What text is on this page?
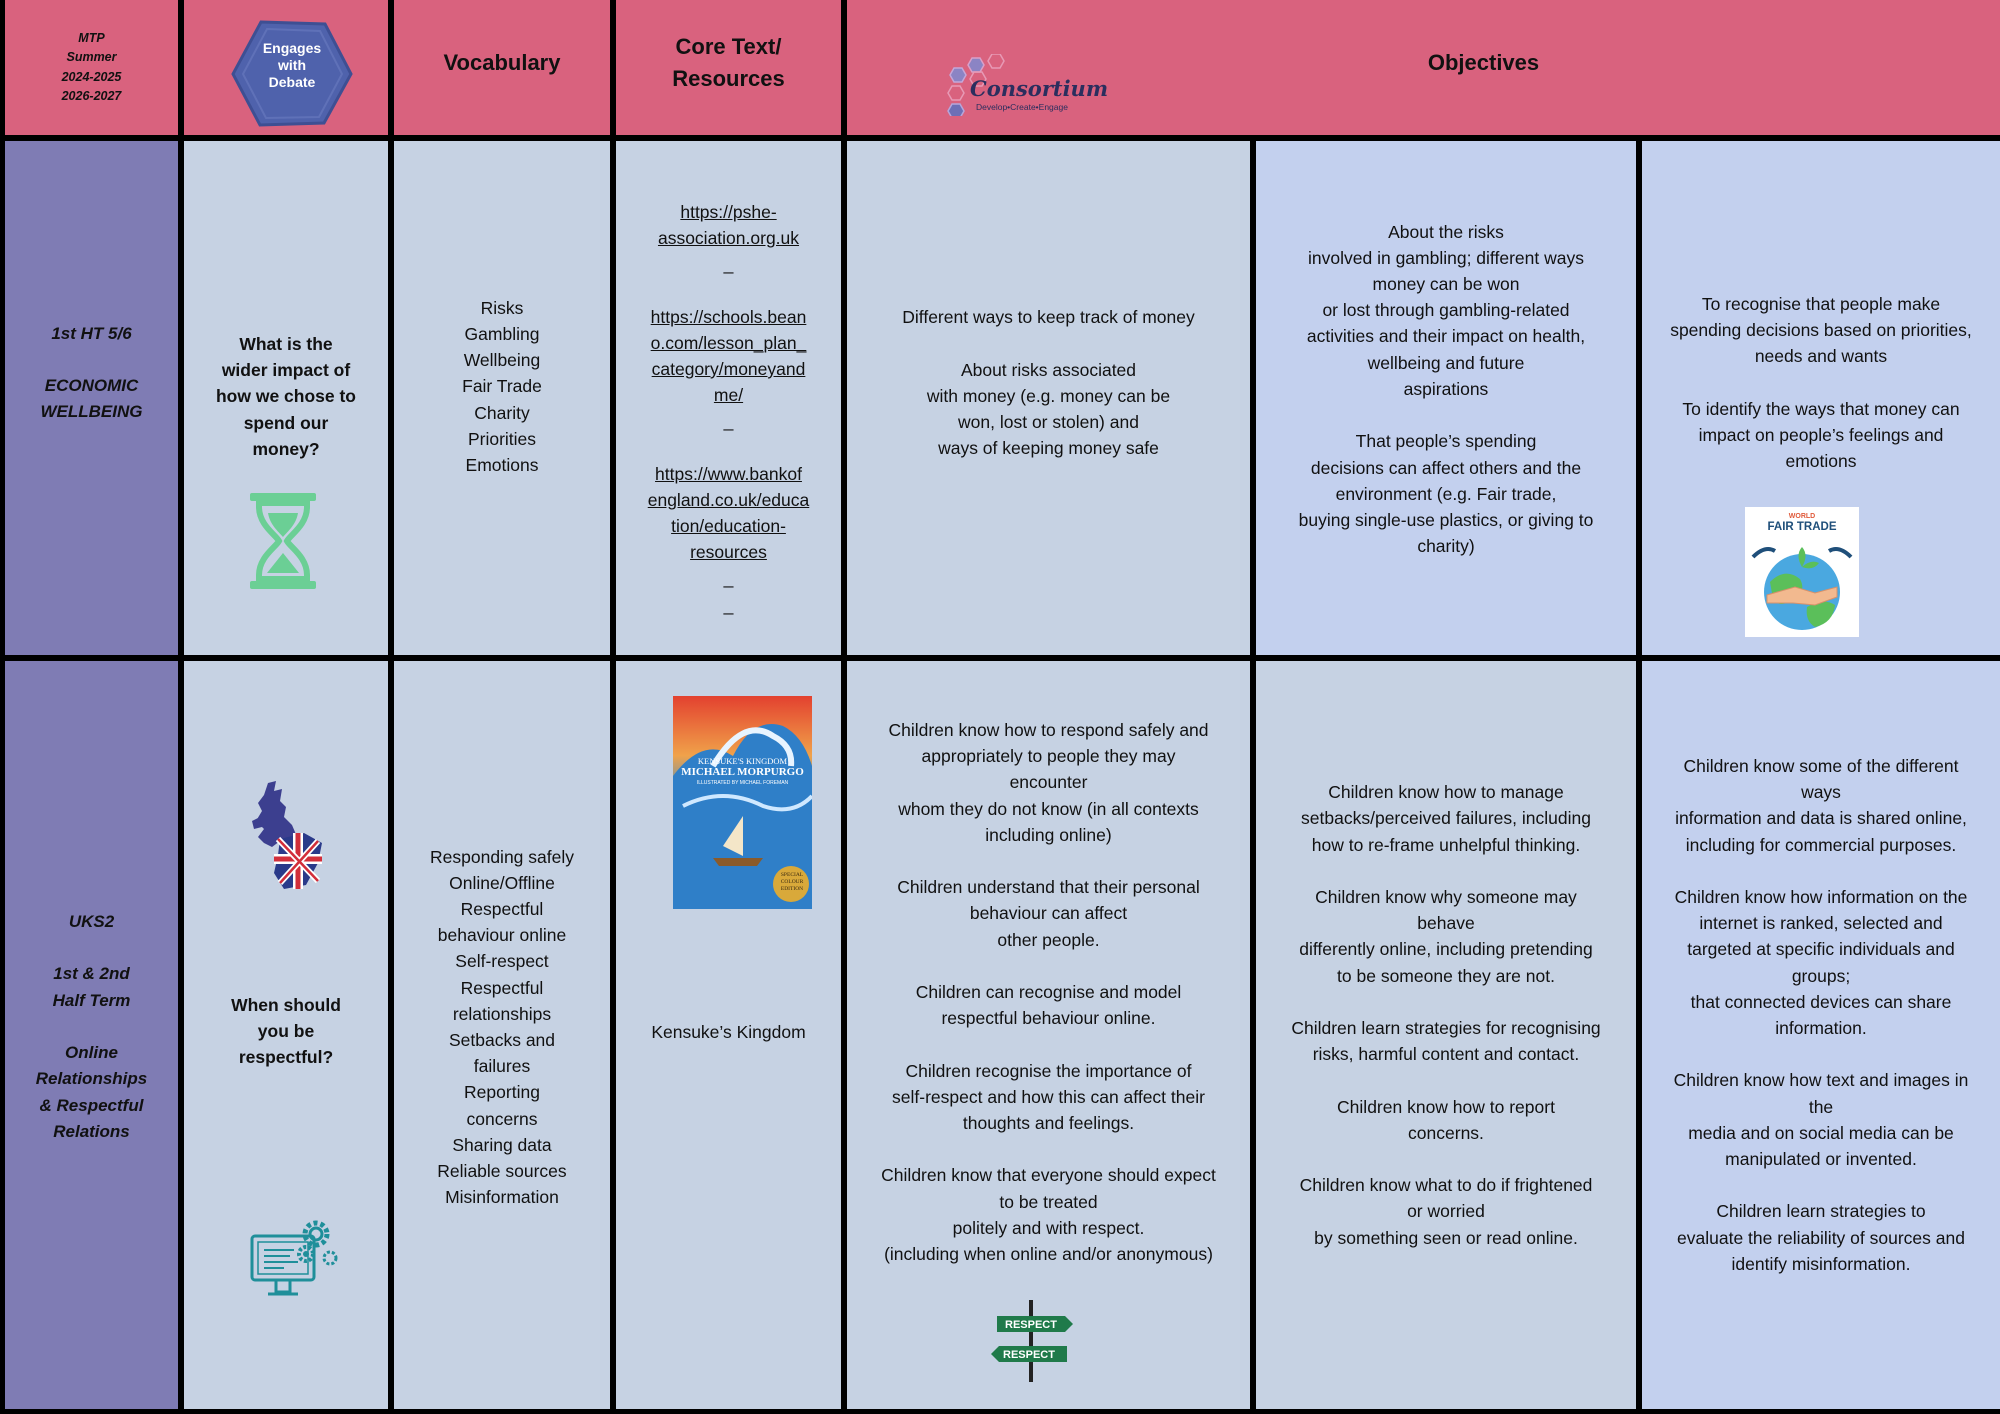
MTP
Summer
2024-2025
2026-2027
Engages
with
Debate
Vocabulary
Core Text/
Resources
Objectives
Consortium
Develop•Create•Engage
1st HT 5/6

ECONOMIC
WELLBEING
What is the
wider impact of
how we chose to
spend our
money?
Risks
Gambling
Wellbeing
Fair Trade
Charity
Priorities
Emotions
https://pshe-
association.org.uk
_
https://schools.bean
o.com/lesson_plan_
category/moneyand
me/
_
https://www.bankof
england.co.uk/educa
tion/education-
resources
_
_
Different ways to keep track of money

About risks associated
with money (e.g. money can be
won, lost or stolen) and
ways of keeping money safe
About the risks
involved in gambling; different ways
money can be won
or lost through gambling-related
activities and their impact on health,
wellbeing and future
aspirations

That people’s spending
decisions can affect others and the
environment (e.g. Fair trade,
buying single-use plastics, or giving to
charity)
To recognise that people make
spending decisions based on priorities,
needs and wants

To identify the ways that money can
impact on people’s feelings and
emotions
WORLD
FAIR TRADE
UKS2

1st & 2nd
Half Term

Online
Relationships
& Respectful
Relations
When should
you be
respectful?
Responding safely
Online/Offline
Respectful
behaviour online
Self-respect
Respectful
relationships
Setbacks and
failures
Reporting
concerns
Sharing data
Reliable sources
Misinformation
KENSUKE'S KINGDOM
MICHAEL MORPURGO
ILLUSTRATED BY MICHAEL FOREMAN
SPECIAL
COLOUR
EDITION
Kensuke’s Kingdom
Children know how to respond safely and
appropriately to people they may
encounter
whom they do not know (in all contexts
including online)

Children understand that their personal
behaviour can affect
other people.

Children can recognise and model
respectful behaviour online.

Children recognise the importance of
self-respect and how this can affect their
thoughts and feelings.

Children know that everyone should expect
to be treated
politely and with respect.
(including when online and/or anonymous)
RESPECT
RESPECT
Children know how to manage
setbacks/perceived failures, including
how to re-frame unhelpful thinking.

Children know why someone may
behave
differently online, including pretending
to be someone they are not.

Children learn strategies for recognising
risks, harmful content and contact.

Children know how to report
concerns.

Children know what to do if frightened
or worried
by something seen or read online.
Children know some of the different
ways
information and data is shared online,
including for commercial purposes.

Children know how information on the
internet is ranked, selected and
targeted at specific individuals and
groups;
that connected devices can share
information.

Children know how text and images in
the
media and on social media can be
manipulated or invented.

Children learn strategies to
evaluate the reliability of sources and
identify misinformation.
